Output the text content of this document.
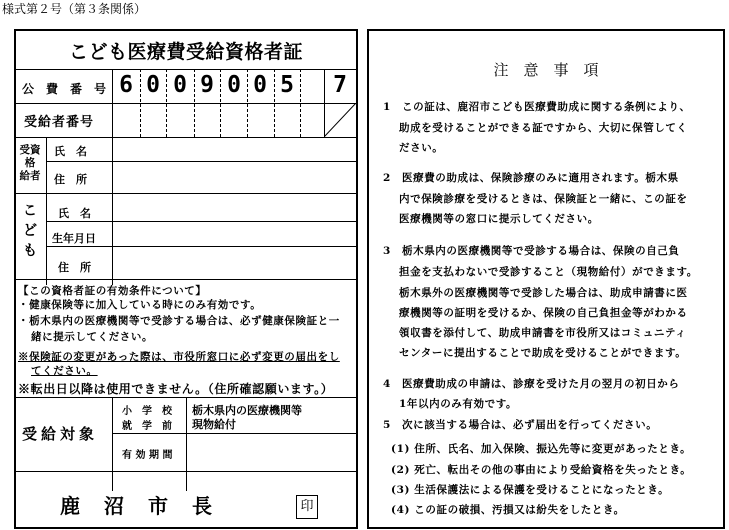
様式第２号（第３条関係）
こども医療費受給資格者証
公　費　番　号 6 0 0 9 0 0 5 7
受給者番号
受資
格
給者
氏　名
住　所
こ
ど
も
氏　名
生年月日
住　所
【この資格者証の有効条件について】
・健康保険等に加入している時にのみ有効です。
・栃木県内の医療機関等で受診する場合は、必ず健康保険証と一
緒に提示してください。
※保険証の変更があった際は、市役所窓口に必ず変更の届出をし
てください。
※転出日以降は使用できません。（住所確認願います。）
受給対象
小　学　校
就　学　前
栃木県内の医療機関等
現物給付
有 効 期 間
鹿　沼　市　長	印
注　意　事　項
1　この証は、鹿沼市こども医療費助成に関する条例により、
助成を受けることができる証ですから、大切に保管してく
ださい。
2　医療費の助成は、保険診療のみに適用されます。栃木県
内で保険診療を受けるときは、保険証と一緒に、この証を
医療機関等の窓口に提示してください。
3　栃木県内の医療機関等で受診する場合は、保険の自己負
担金を支払わないで受診すること（現物給付）ができます。
栃木県外の医療機関等で受診した場合は、助成申請書に医
療機関等の証明を受けるか、保険の自己負担金等がわかる
領収書を添付して、助成申請書を市役所又はコミュニティ
センターに提出することで助成を受けることができます。
4　医療費助成の申請は、診療を受けた月の翌月の初日から
1年以内のみ有効です。
5　次に該当する場合は、必ず届出を行ってください。
(1) 住所、氏名、加入保険、振込先等に変更があったとき。
(2) 死亡、転出その他の事由により受給資格を失ったとき。
(3) 生活保護法による保護を受けることになったとき。
(4) この証の破損、汚損又は紛失をしたとき。
